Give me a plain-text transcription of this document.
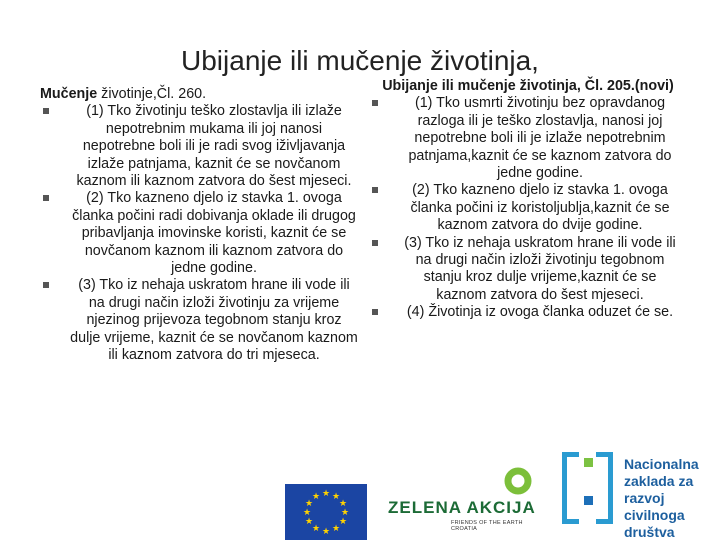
Ubijanje ili mučenje životinja,

Mučenje životinje,Čl. 260.

(1) Tko životinju teško zlostavlja ili izlaže nepotrebnim mukama ili joj nanosi nepotrebne boli ili je radi svog iživljavanja izlaže patnjama, kaznit će se novčanom kaznom ili kaznom zatvora do šest mjeseci.
(2) Tko kazneno djelo iz stavka 1. ovoga članka počini radi dobivanja oklade ili drugog pribavljanja imovinske koristi, kaznit će se novčanom kaznom ili kaznom zatvora do jedne godine.
(3) Tko iz nehaja uskratom hrane ili vode ili na drugi način izloži životinju za vrijeme njezinog prijevoza tegobnom stanju kroz dulje vrijeme, kaznit će se novčanom kaznom ili kaznom zatvora do tri mjeseca.

Ubijanje ili mučenje životinja, Čl. 205.(novi)

(1) Tko usmrti životinju bez opravdanog razloga ili je teško zlostavlja, nanosi joj nepotrebne boli ili je izlaže nepotrebnim patnjama,kaznit će se kaznom zatvora do jedne godine.
(2) Tko kazneno djelo iz stavka 1. ovoga članka počini iz koristoljublja,kaznit će se kaznom zatvora do dvije godine.
(3) Tko iz nehaja uskratom hrane ili vode ili na drugi način izloži životinju tegobnom stanju kroz dulje vrijeme,kaznit će se kaznom zatvora do šest mjeseci.
(4) Životinja iz ovoga članka oduzet će se.
★ ★
★
★
★
★
★
★
★
★
★
★
ZELENA AKCIJA
FRIENDS OF THE EARTH CROATIA
Nacionalna
zaklada za
razvoj
civilnoga
društva
